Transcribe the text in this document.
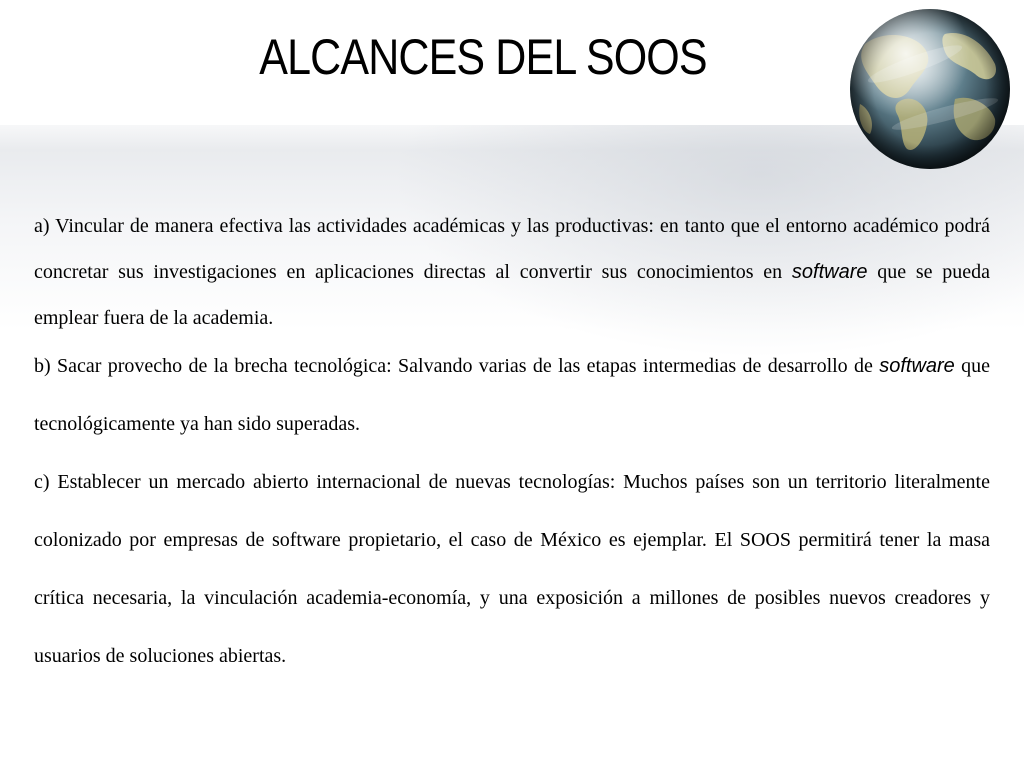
ALCANCES DEL SOOS

a) Vincular de manera efectiva las actividades académicas y las productivas: en tanto que el entorno académico podrá concretar sus investigaciones en aplicaciones directas al convertir sus conocimientos en software que se pueda emplear fuera de la academia.

b) Sacar provecho de la brecha tecnológica: Salvando varias de las etapas intermedias de desarrollo de software que tecnológicamente ya han sido superadas.

c) Establecer un mercado abierto internacional de nuevas tecnologías: Muchos países son un territorio literalmente colonizado por empresas de software propietario, el caso de México es ejemplar. El SOOS permitirá tener la masa crítica necesaria, la vinculación academia-economía, y una exposición a millones de posibles nuevos creadores y usuarios de soluciones abiertas.
